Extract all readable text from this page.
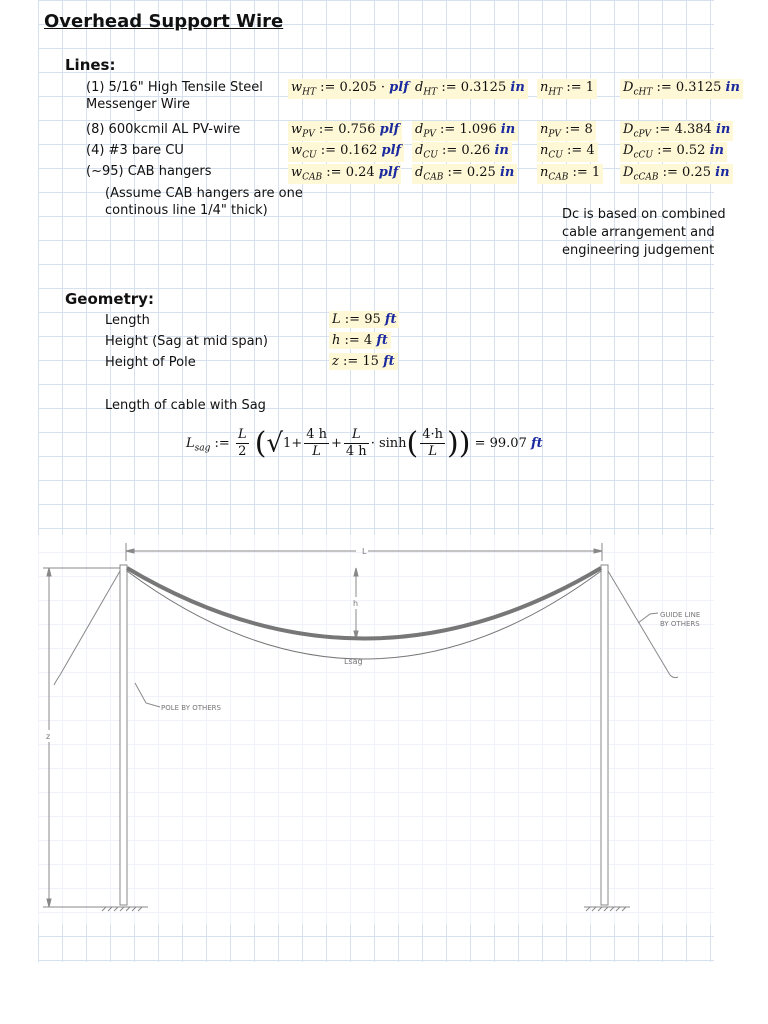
Overhead Support Wire
Lines:
(1) 5/16" High Tensile Steel
Messenger Wire
(8) 600kcmil AL PV-wire
(4) #3 bare CU
(~95) CAB hangers
(Assume CAB hangers are one
continous line 1/4" thick)
$w_{HT}$ := 0.205 · plf $d_{HT}$ := 0.3125 in $n_{HT}$ := 1 $D_{cHT}$ := 0.3125 in
$w_{PV}$ := 0.756 plf $d_{PV}$ := 1.096 in $n_{PV}$ := 8 $D_{cPV}$ := 4.384 in
$w_{CU}$ := 0.162 plf $d_{CU}$ := 0.26 in $n_{CU}$ := 4 $D_{cCU}$ := 0.52 in
$w_{CAB}$ := 0.24 plf $d_{CAB}$ := 0.25 in $n_{CAB}$ := 1 $D_{cCAB}$ := 0.25 in
Dc is based on combined
cable arrangement and
engineering judgement
Geometry:
Length
Height (Sag at mid span)
Height of Pole
L := 95 ft
h := 4 ft
z := 15 ft
Length of cable with Sag
$L_{sag}$ := $\frac{L}{2} (√1+ \frac{4 h}{L} + \frac{L}{4 h} \cdot \sinh( \frac{4\cdot h}{L}$ )) = 99.07 ft
L
h
z
Lsag
POLE BY OTHERS
GUIDE LINE
BY OTHERS
